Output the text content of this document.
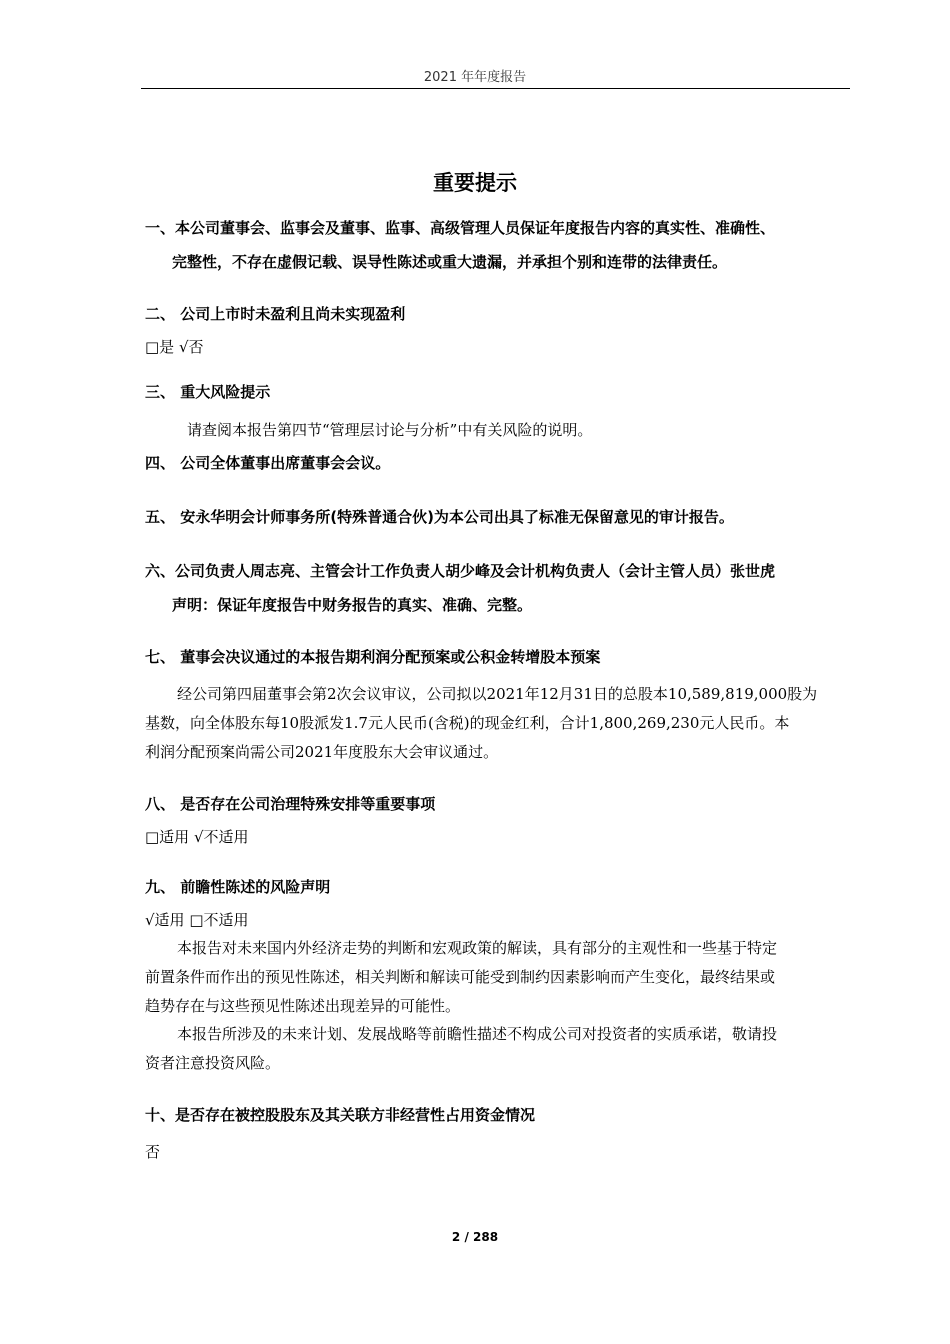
2021 年年度报告
重要提示
一、本公司董事会、监事会及董事、监事、高级管理人员保证年度报告内容的真实性、准确性、
完整性，不存在虚假记载、误导性陈述或重大遗漏，并承担个别和连带的法律责任。
二、 公司上市时未盈利且尚未实现盈利
□是 √否
三、 重大风险提示
请查阅本报告第四节“管理层讨论与分析”中有关风险的说明。
四、 公司全体董事出席董事会会议。
五、 安永华明会计师事务所(特殊普通合伙)为本公司出具了标准无保留意见的审计报告。
六、公司负责人周志亮、主管会计工作负责人胡少峰及会计机构负责人（会计主管人员）张世虎
声明：保证年度报告中财务报告的真实、准确、完整。
七、 董事会决议通过的本报告期利润分配预案或公积金转增股本预案
经公司第四届董事会第2次会议审议，公司拟以2021年12月31日的总股本10,589,819,000股为
基数，向全体股东每10股派发1.7元人民币(含税)的现金红利，合计1,800,269,230元人民币。本
利润分配预案尚需公司2021年度股东大会审议通过。
八、 是否存在公司治理特殊安排等重要事项
□适用 √不适用
九、 前瞻性陈述的风险声明
√适用 □不适用
本报告对未来国内外经济走势的判断和宏观政策的解读，具有部分的主观性和一些基于特定
前置条件而作出的预见性陈述，相关判断和解读可能受到制约因素影响而产生变化，最终结果或
趋势存在与这些预见性陈述出现差异的可能性。
本报告所涉及的未来计划、发展战略等前瞻性描述不构成公司对投资者的实质承诺，敬请投
资者注意投资风险。
十、是否存在被控股股东及其关联方非经营性占用资金情况
否
2 / 288
